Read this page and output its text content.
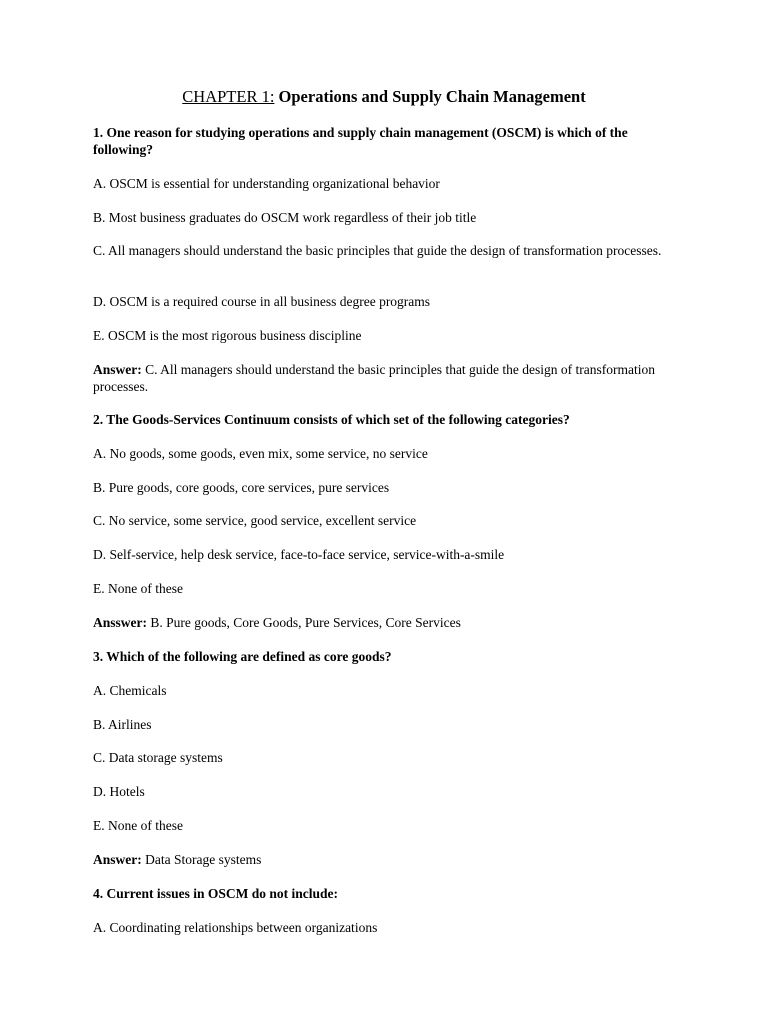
CHAPTER 1: Operations and Supply Chain Management
1. One reason for studying operations and supply chain management (OSCM) is which of the following?
A. OSCM is essential for understanding organizational behavior
B. Most business graduates do OSCM work regardless of their job title
C. All managers should understand the basic principles that guide the design of transformation processes.
D. OSCM is a required course in all business degree programs
E. OSCM is the most rigorous business discipline
Answer: C. All managers should understand the basic principles that guide the design of transformation processes.
2. The Goods-Services Continuum consists of which set of the following categories?
A. No goods, some goods, even mix, some service, no service
B. Pure goods, core goods, core services, pure services
C. No service, some service, good service, excellent service
D. Self-service, help desk service, face-to-face service, service-with-a-smile
E. None of these
Ansswer: B. Pure goods, Core Goods, Pure Services, Core Services
3. Which of the following are defined as core goods?
A. Chemicals
B. Airlines
C. Data storage systems
D. Hotels
E. None of these
Answer: Data Storage systems
4. Current issues in OSCM do not include:
A. Coordinating relationships between organizations
